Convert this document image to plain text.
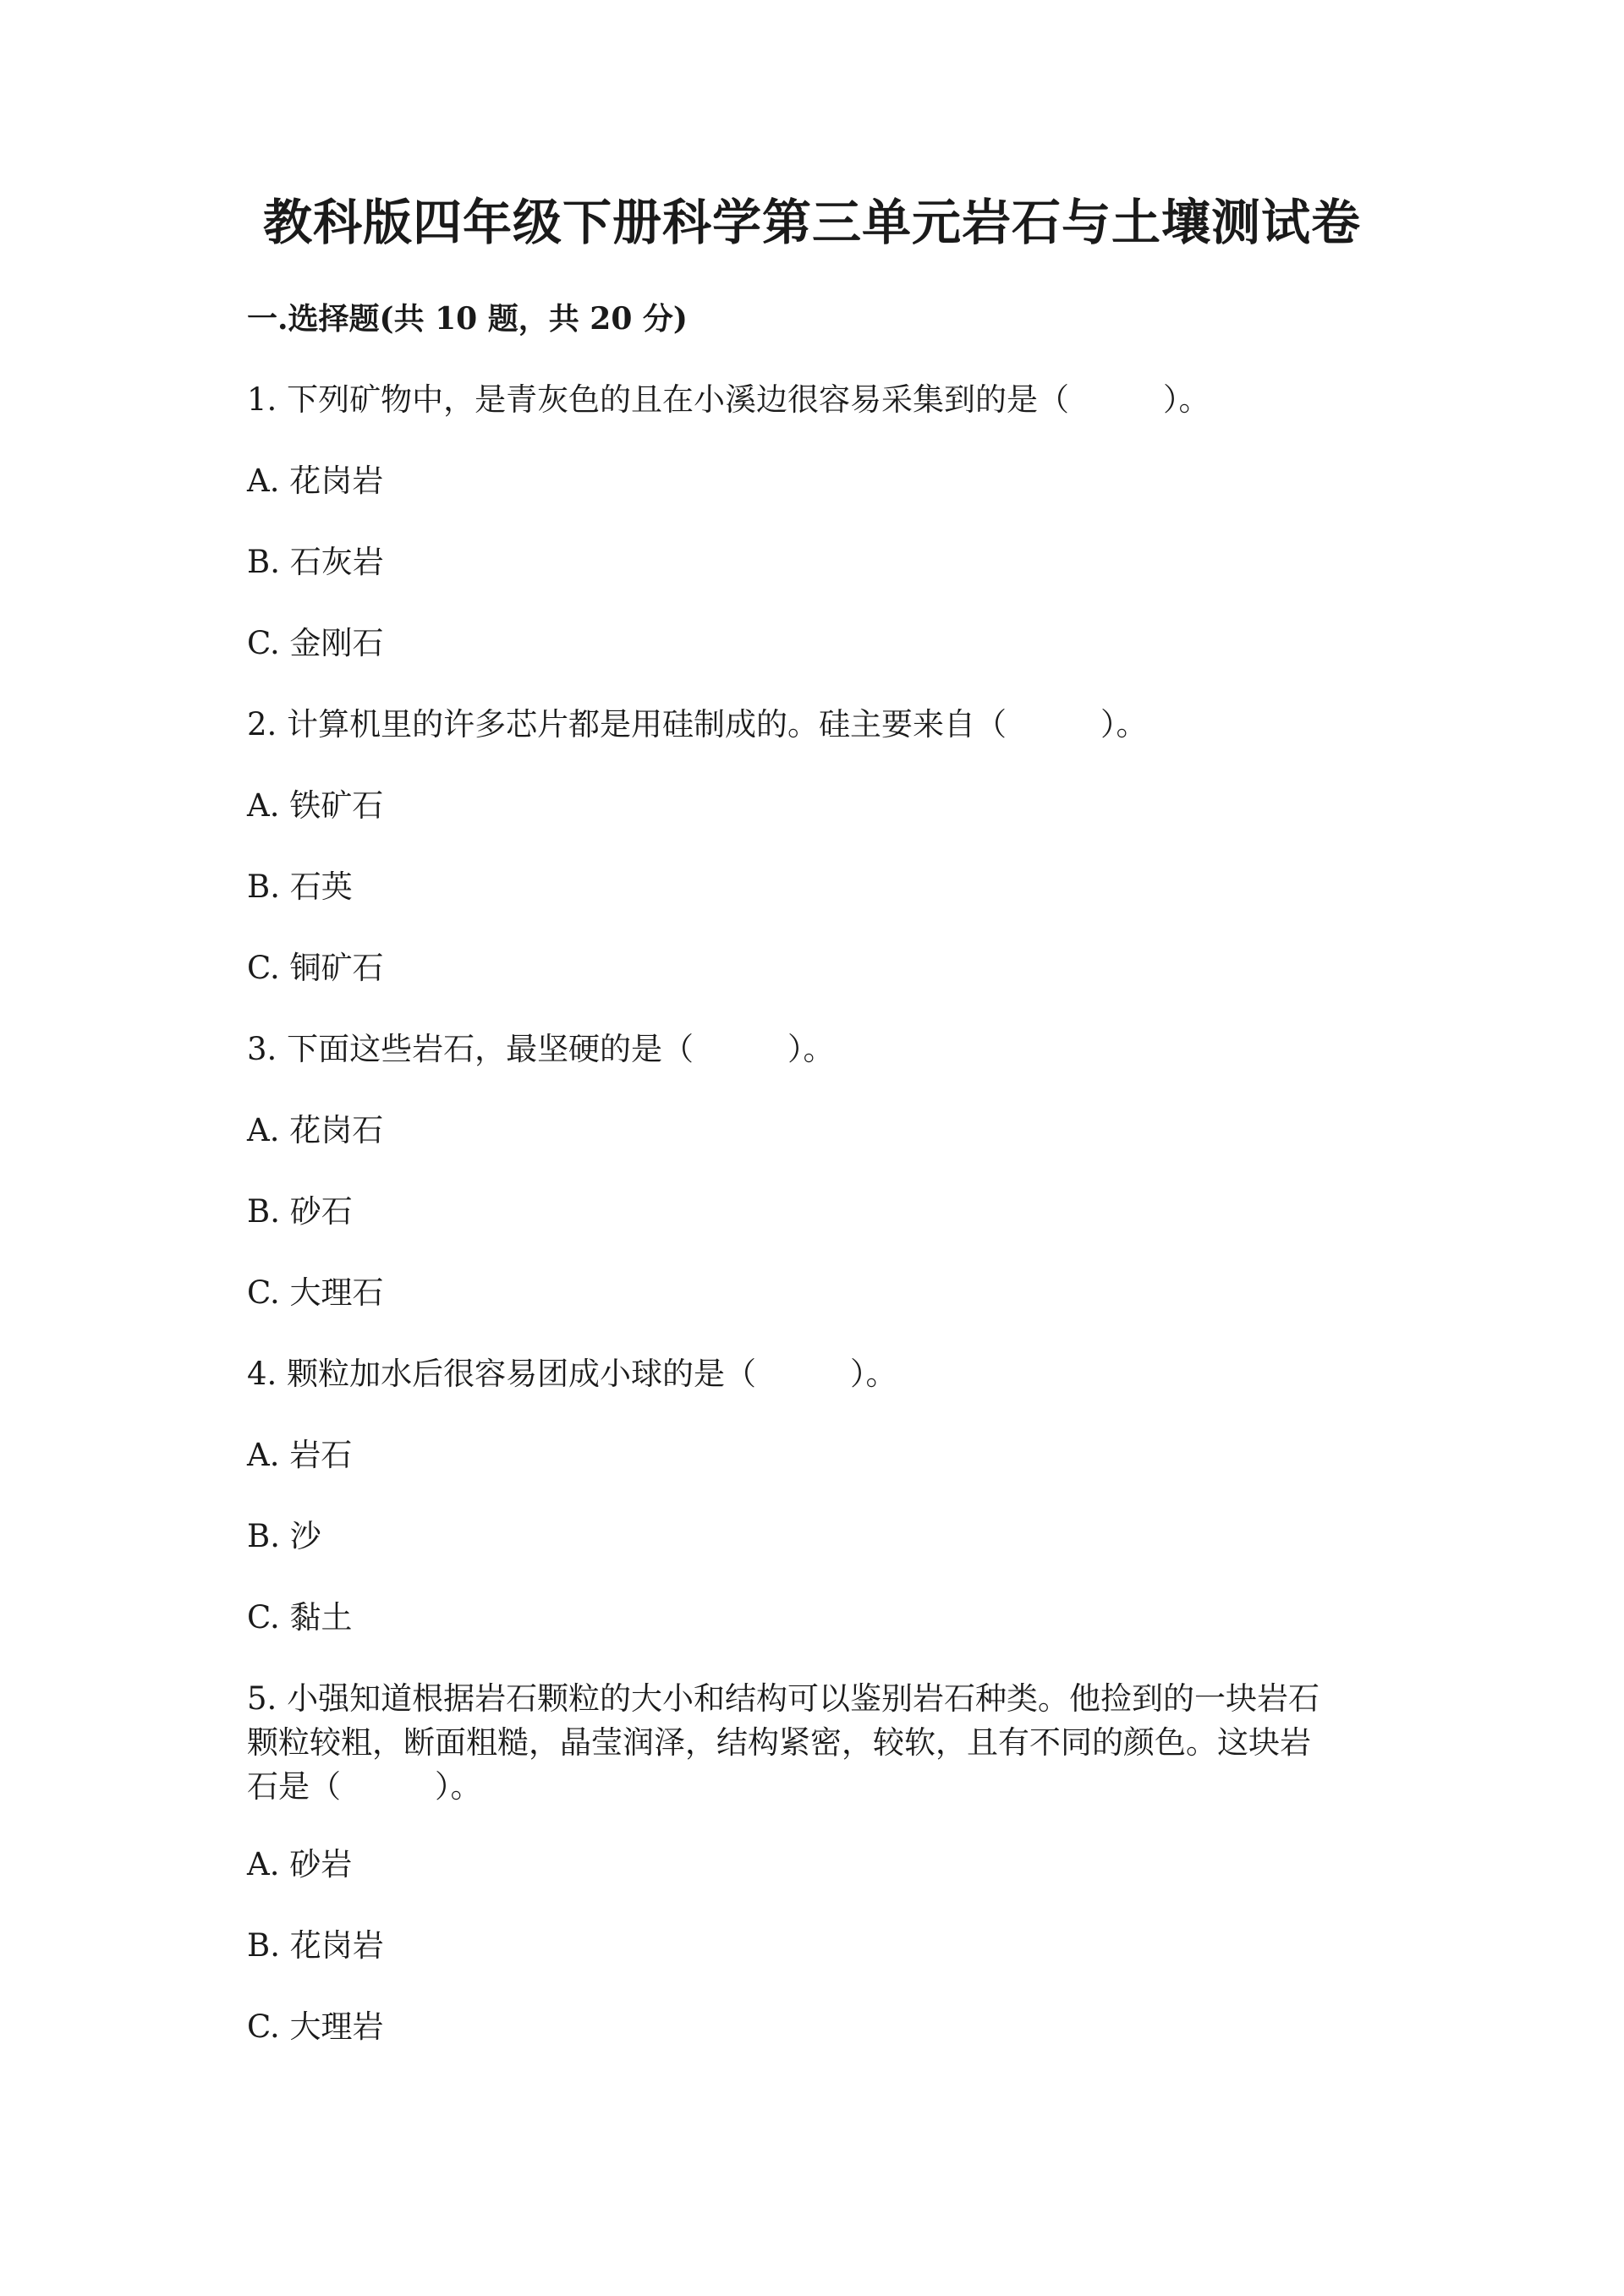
教科版四年级下册科学第三单元岩石与土壤测试卷
一.选择题(共 10 题，共 20 分)
1. 下列矿物中，是青灰色的且在小溪边很容易采集到的是（　　　）。
A. 花岗岩
B. 石灰岩
C. 金刚石
2. 计算机里的许多芯片都是用硅制成的。硅主要来自（　　　）。
A. 铁矿石
B. 石英
C. 铜矿石
3. 下面这些岩石，最坚硬的是（　　　）。
A. 花岗石
B. 砂石
C. 大理石
4. 颗粒加水后很容易团成小球的是（　　　）。
A. 岩石
B. 沙
C. 黏土
5. 小强知道根据岩石颗粒的大小和结构可以鉴别岩石种类。他捡到的一块岩石
颗粒较粗，断面粗糙，晶莹润泽，结构紧密，较软，且有不同的颜色。这块岩
石是（　　　）。
A. 砂岩
B. 花岗岩
C. 大理岩
